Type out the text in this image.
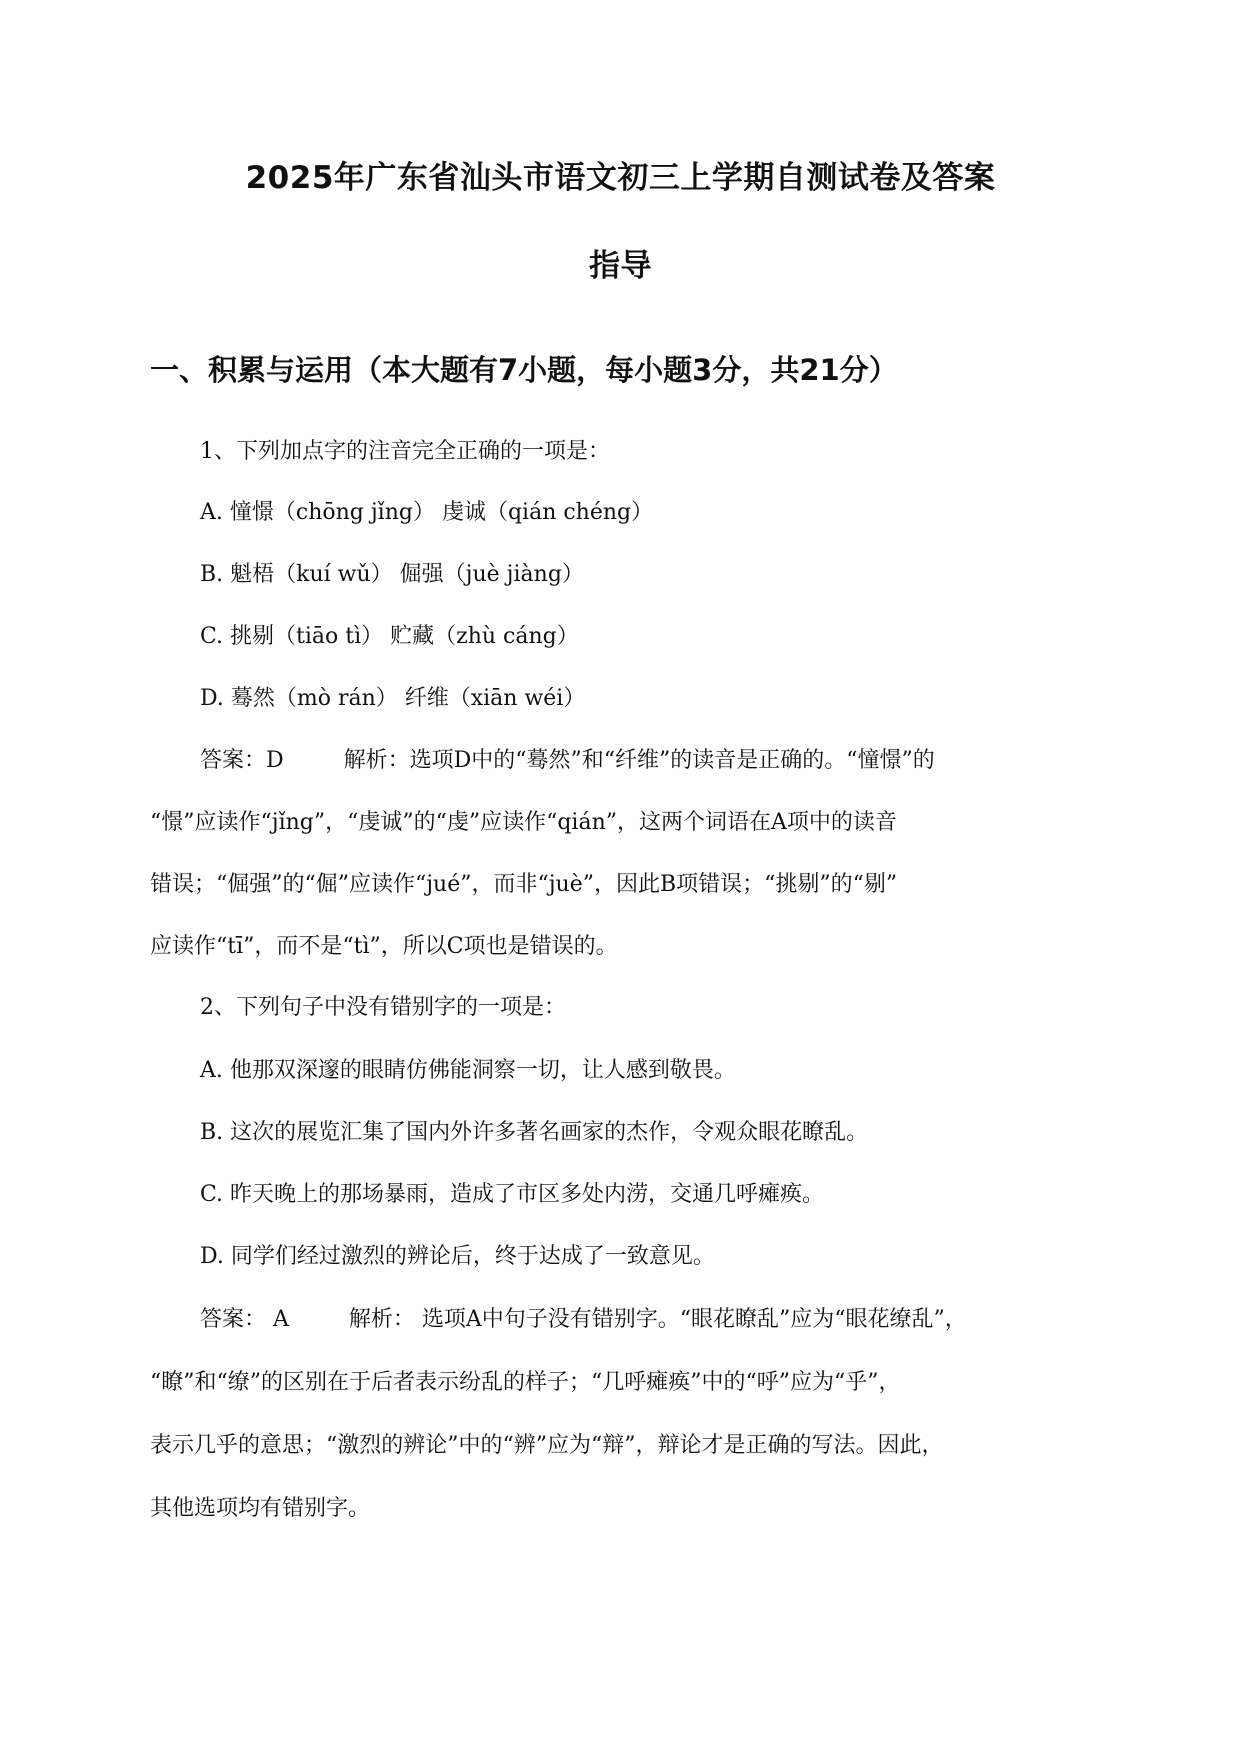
2025年广东省汕头市语文初三上学期自测试卷及答案
指导
一、积累与运用（本大题有7小题，每小题3分，共21分）
1、下列加点字的注音完全正确的一项是：
A. 憧憬（chōng jǐng） 虔诚（qián chéng）
B. 魁梧（kuí wǔ） 倔强（juè jiàng）
C. 挑剔（tiāo tì） 贮藏（zhù cáng）
D. 蓦然（mò rán） 纤维（xiān wéi）
答案：D	解析：选项D中的“蓦然”和“纤维”的读音是正确的。“憧憬”的
“憬”应读作“jǐng”，“虔诚”的“虔”应读作“qián”，这两个词语在A项中的读音
错误；“倔强”的“倔”应读作“jué”，而非“juè”，因此B项错误；“挑剔”的“剔”
应读作“tī”，而不是“tì”，所以C项也是错误的。
2、下列句子中没有错别字的一项是：
A. 他那双深邃的眼睛仿佛能洞察一切，让人感到敬畏。
B. 这次的展览汇集了国内外许多著名画家的杰作，令观众眼花瞭乱。
C. 昨天晚上的那场暴雨，造成了市区多处内涝，交通几呼瘫痪。
D. 同学们经过激烈的辨论后，终于达成了一致意见。
答案： A	解析： 选项A中句子没有错别字。“眼花瞭乱”应为“眼花缭乱”，
“瞭”和“缭”的区别在于后者表示纷乱的样子；“几呼瘫痪”中的“呼”应为“乎”，
表示几乎的意思；“激烈的辨论”中的“辨”应为“辩”，辩论才是正确的写法。因此，
其他选项均有错别字。
